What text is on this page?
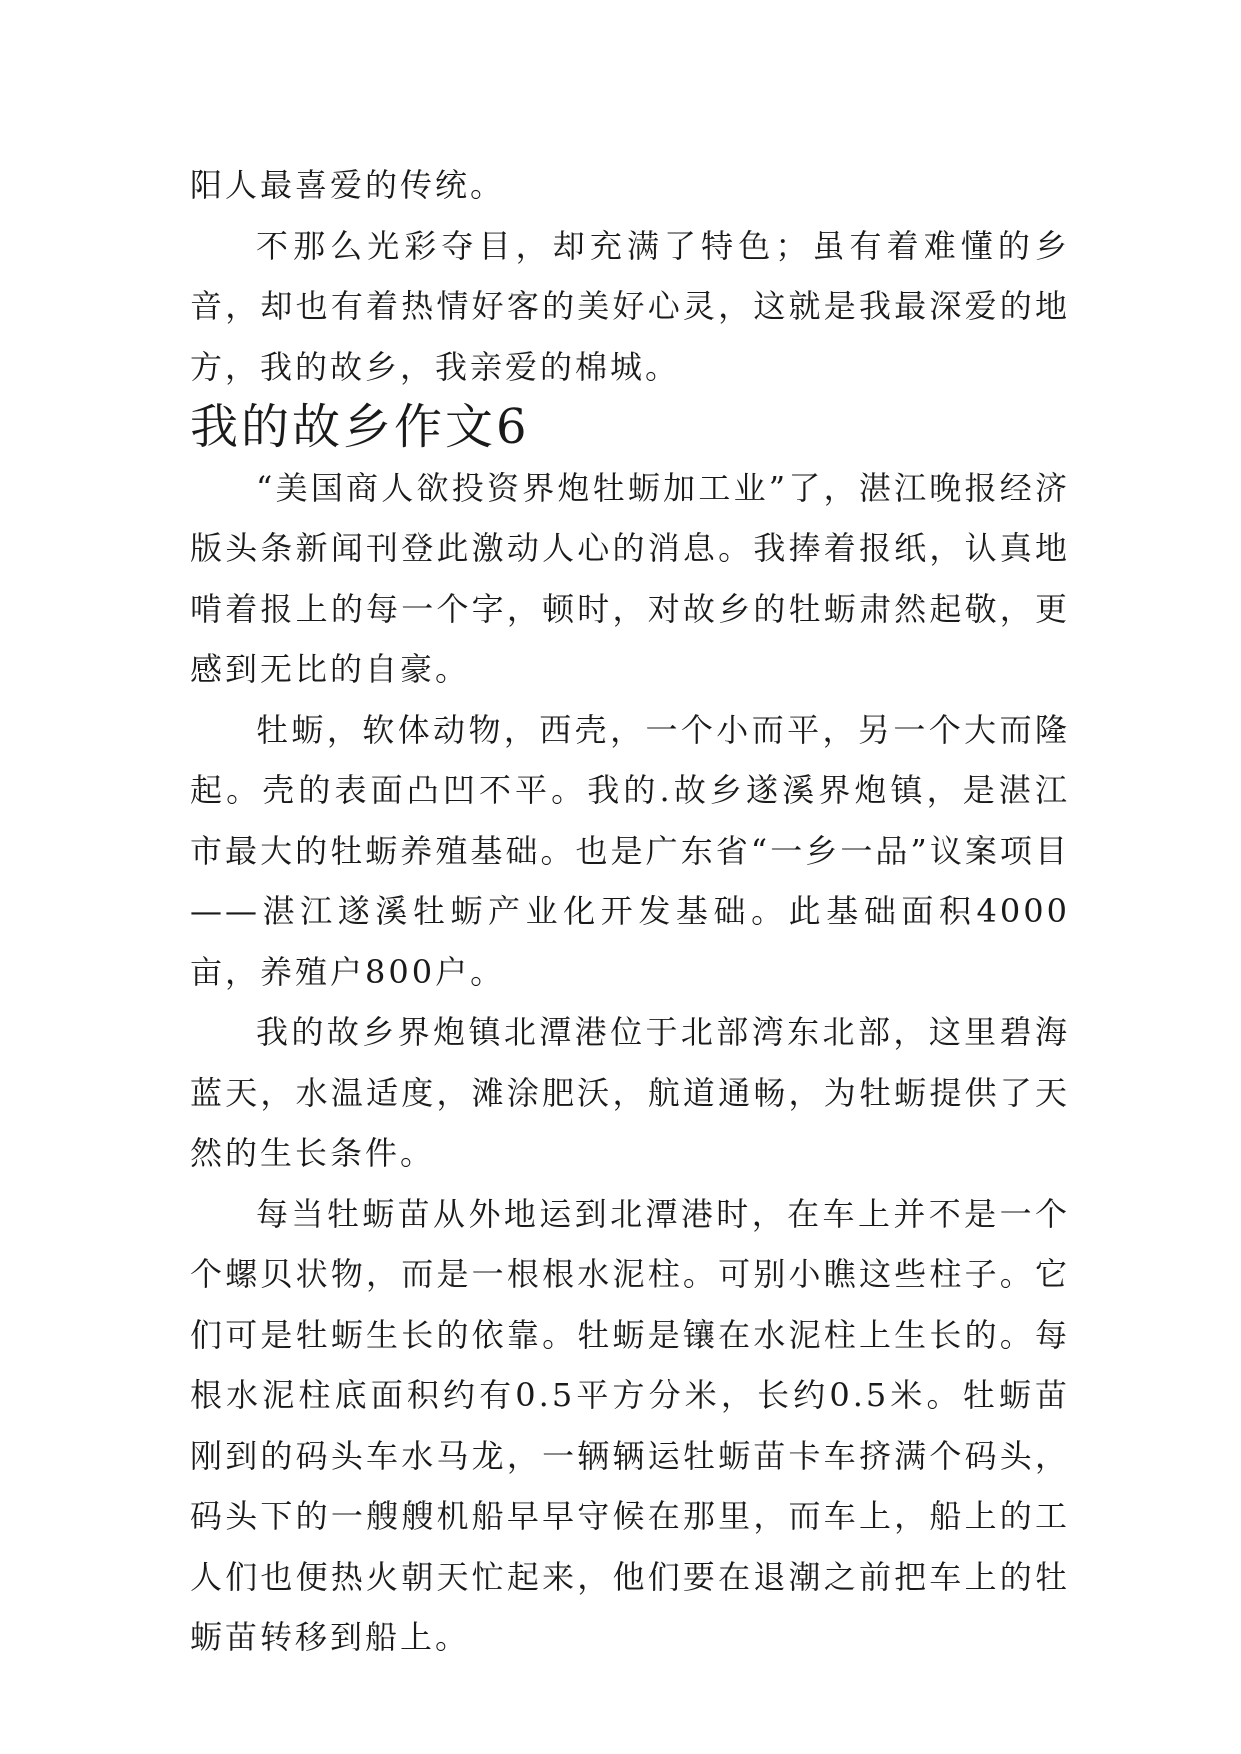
阳人最喜爱的传统。

不那么光彩夺目，却充满了特色；虽有着难懂的乡音，却也有着热情好客的美好心灵，这就是我最深爱的地方，我的故乡，我亲爱的棉城。

我的故乡作文6

“美国商人欲投资界炮牡蛎加工业”了，湛江晚报经济版头条新闻刊登此激动人心的消息。我捧着报纸，认真地啃着报上的每一个字，顿时，对故乡的牡蛎肃然起敬，更感到无比的自豪。

牡蛎，软体动物，西壳，一个小而平，另一个大而隆起。壳的表面凸凹不平。我的.故乡遂溪界炮镇，是湛江市最大的牡蛎养殖基础。也是广东省“一乡一品”议案项目——湛江遂溪牡蛎产业化开发基础。此基础面积4000亩，养殖户800户。

我的故乡界炮镇北潭港位于北部湾东北部，这里碧海蓝天，水温适度，滩涂肥沃，航道通畅，为牡蛎提供了天然的生长条件。

每当牡蛎苗从外地运到北潭港时，在车上并不是一个个螺贝状物，而是一根根水泥柱。可别小瞧这些柱子。它们可是牡蛎生长的依靠。牡蛎是镶在水泥柱上生长的。每根水泥柱底面积约有0.5平方分米，长约0.5米。牡蛎苗刚到的码头车水马龙，一辆辆运牡蛎苗卡车挤满个码头，码头下的一艘艘机船早早守候在那里，而车上，船上的工人们也便热火朝天忙起来，他们要在退潮之前把车上的牡蛎苗转移到船上。
